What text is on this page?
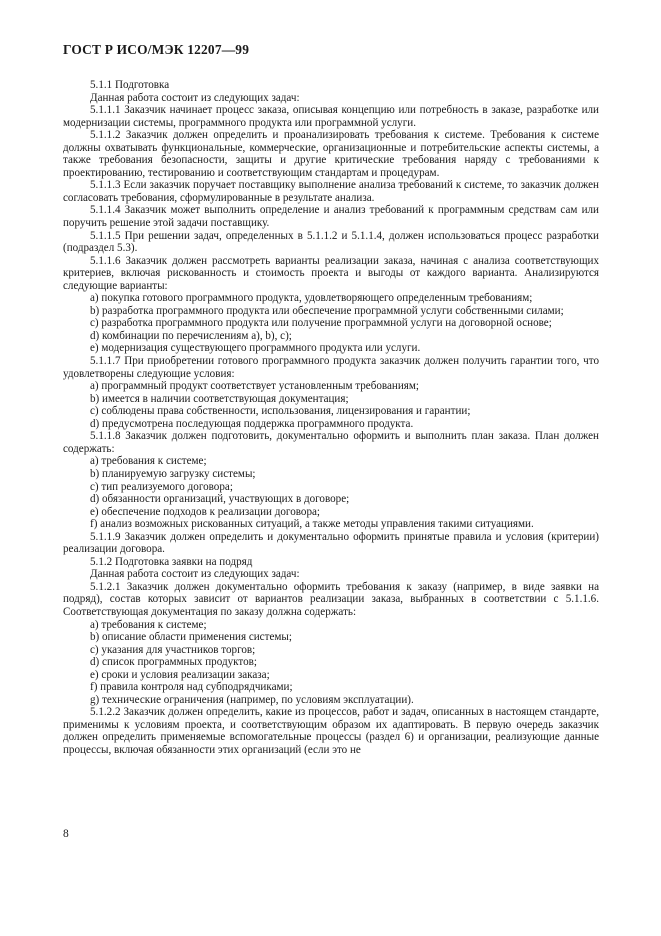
ГОСТ Р ИСО/МЭК 12207—99

5.1.1 Подготовка

Данная работа состоит из следующих задач:

5.1.1.1 Заказчик начинает процесс заказа, описывая концепцию или потребность в заказе, разработке или модернизации системы, программного продукта или программной услуги.

5.1.1.2 Заказчик должен определить и проанализировать требования к системе. Требования к системе должны охватывать функциональные, коммерческие, организационные и потребительские аспекты системы, а также требования безопасности, защиты и другие критические требования наряду с требованиями к проектированию, тестированию и соответствующим стандартам и процедурам.

5.1.1.3 Если заказчик поручает поставщику выполнение анализа требований к системе, то заказчик должен согласовать требования, сформулированные в результате анализа.

5.1.1.4 Заказчик может выполнить определение и анализ требований к программным средствам сам или поручить решение этой задачи поставщику.

5.1.1.5 При решении задач, определенных в 5.1.1.2 и 5.1.1.4, должен использоваться процесс разработки (подраздел 5.3).

5.1.1.6 Заказчик должен рассмотреть варианты реализации заказа, начиная с анализа соответствующих критериев, включая рискованность и стоимость проекта и выгоды от каждого варианта. Анализируются следующие варианты:

a) покупка готового программного продукта, удовлетворяющего определенным требованиям;

b) разработка программного продукта или обеспечение программной услуги собственными силами;

c) разработка программного продукта или получение программной услуги на договорной основе;

d) комбинации по перечислениям a), b), c);

e) модернизация существующего программного продукта или услуги.

5.1.1.7 При приобретении готового программного продукта заказчик должен получить гарантии того, что удовлетворены следующие условия:

a) программный продукт соответствует установленным требованиям;

b) имеется в наличии соответствующая документация;

c) соблюдены права собственности, использования, лицензирования и гарантии;

d) предусмотрена последующая поддержка программного продукта.

5.1.1.8 Заказчик должен подготовить, документально оформить и выполнить план заказа. План должен содержать:

a) требования к системе;

b) планируемую загрузку системы;

c) тип реализуемого договора;

d) обязанности организаций, участвующих в договоре;

e) обеспечение подходов к реализации договора;

f) анализ возможных рискованных ситуаций, а также методы управления такими ситуациями.

5.1.1.9 Заказчик должен определить и документально оформить принятые правила и условия (критерии) реализации договора.

5.1.2 Подготовка заявки на подряд

Данная работа состоит из следующих задач:

5.1.2.1 Заказчик должен документально оформить требования к заказу (например, в виде заявки на подряд), состав которых зависит от вариантов реализации заказа, выбранных в соответствии с 5.1.1.6. Соответствующая документация по заказу должна содержать:

a) требования к системе;

b) описание области применения системы;

c) указания для участников торгов;

d) список программных продуктов;

e) сроки и условия реализации заказа;

f) правила контроля над субподрядчиками;

g) технические ограничения (например, по условиям эксплуатации).

5.1.2.2 Заказчик должен определить, какие из процессов, работ и задач, описанных в настоящем стандарте, применимы к условиям проекта, и соответствующим образом их адаптировать. В первую очередь заказчик должен определить применяемые вспомогательные процессы (раздел 6) и организации, реализующие данные процессы, включая обязанности этих организаций (если это не

8
